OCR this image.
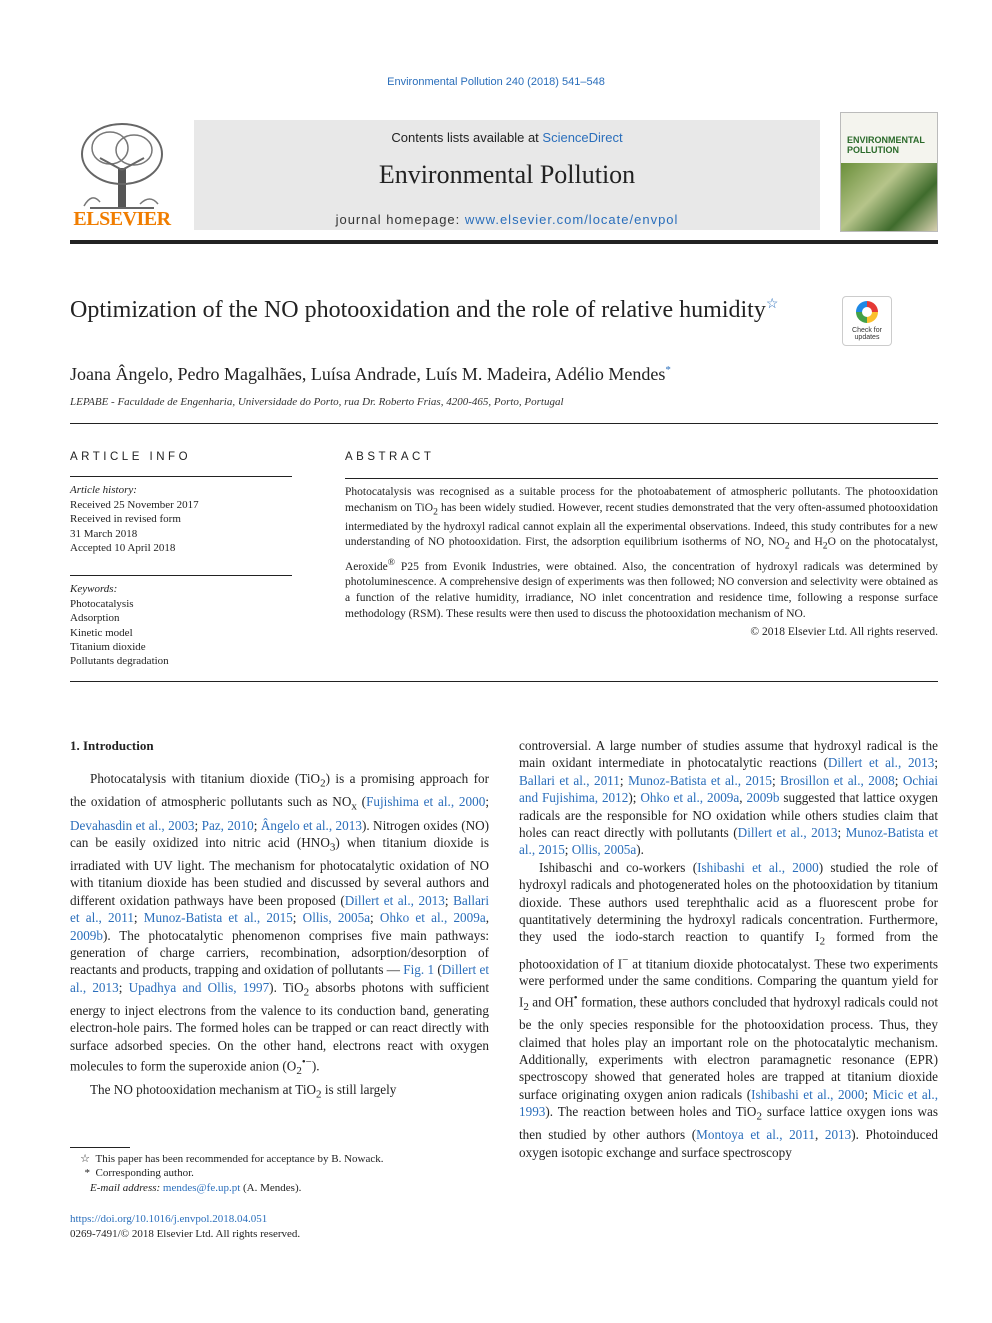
Environmental Pollution 240 (2018) 541–548
ELSEVIER
Contents lists available at ScienceDirect
Environmental Pollution
journal homepage: www.elsevier.com/locate/envpol
ENVIRONMENTAL POLLUTION
Optimization of the NO photooxidation and the role of relative humidity☆
Check for updates
Joana Ângelo, Pedro Magalhães, Luísa Andrade, Luís M. Madeira, Adélio Mendes*
LEPABE - Faculdade de Engenharia, Universidade do Porto, rua Dr. Roberto Frias, 4200-465, Porto, Portugal
ARTICLE INFO
Article history:
Received 25 November 2017
Received in revised form
31 March 2018
Accepted 10 April 2018
Keywords:
Photocatalysis
Adsorption
Kinetic model
Titanium dioxide
Pollutants degradation
ABSTRACT
Photocatalysis was recognised as a suitable process for the photoabatement of atmospheric pollutants. The photooxidation mechanism on TiO$_2$ has been widely studied. However, recent studies demonstrated that the very often-assumed photooxidation intermediated by the hydroxyl radical cannot explain all the experimental observations. Indeed, this study contributes for a new understanding of NO photooxidation. First, the adsorption equilibrium isotherms of NO, $NO_2$ and $H_2O$ on the photocatalyst, Aeroxide® P25 from Evonik Industries, were obtained. Also, the concentration of hydroxyl radicals was determined by photoluminescence. A comprehensive design of experiments was then followed; NO conversion and selectivity were obtained as a function of the relative humidity, irradiance, NO inlet concentration and residence time, following a response surface methodology (RSM). These results were then used to discuss the photooxidation mechanism of NO.
© 2018 Elsevier Ltd. All rights reserved.
1. Introduction

Photocatalysis with titanium dioxide (TiO$_2$) is a promising approach for the oxidation of atmospheric pollutants such as $NO_x$ (Fujishima et al., 2000; Devahasdin et al., 2003; Paz, 2010; Ângelo et al., 2013). Nitrogen oxides (NO) can be easily oxidized into nitric acid $(HNO_3)$ when titanium dioxide is irradiated with UV light. The mechanism for photocatalytic oxidation of NO with titanium dioxide has been studied and discussed by several authors and different oxidation pathways have been proposed (Dillert et al., 2013; Ballari et al., 2011; Munoz-Batista et al., 2015; Ollis, 2005a; Ohko et al., 2009a, 2009b). The photocatalytic phenomenon comprises five main pathways: generation of charge carriers, recombination, adsorption/desorption of reactants and products, trapping and oxidation of pollutants — Fig. 1 (Dillert et al., 2013; Upadhya and Ollis, 1997). TiO$_2$ absorbs photons with sufficient energy to inject electrons from the valence to its conduction band, generating electron-hole pairs. The formed holes can be trapped or can react directly with surface adsorbed species. On the other hand, electrons react with oxygen molecules to form the superoxide anion $(O_2^{•-})$.

The NO photooxidation mechanism at TiO$_2$ is still largely

controversial. A large number of studies assume that hydroxyl radical is the main oxidant intermediate in photocatalytic reactions (Dillert et al., 2013; Ballari et al., 2011; Munoz-Batista et al., 2015; Brosillon et al., 2008; Ochiai and Fujishima, 2012); Ohko et al., 2009a, 2009b suggested that lattice oxygen radicals are the responsible for NO oxidation while others studies claim that holes can react directly with pollutants (Dillert et al., 2013; Munoz-Batista et al., 2015; Ollis, 2005a).

Ishibaschi and co-workers (Ishibashi et al., 2000) studied the role of hydroxyl radicals and photogenerated holes on the photooxidation by titanium dioxide. These authors used terephthalic acid as a fluorescent probe for quantitatively determining the hydroxyl radicals concentration. Furthermore, they used the iodo-starch reaction to quantify $I_2$ formed from the photooxidation of I− at titanium dioxide photocatalyst. These two experiments were performed under the same conditions. Comparing the quantum yield for $I_2$ and OH• formation, these authors concluded that hydroxyl radicals could not be the only species responsible for the photooxidation process. Thus, they claimed that holes play an important role on the photocatalytic mechanism. Additionally, experiments with electron paramagnetic resonance (EPR) spectroscopy showed that generated holes are trapped at titanium dioxide surface originating oxygen anion radicals (Ishibashi et al., 2000; Micic et al., 1993). The reaction between holes and TiO$_2$ surface lattice oxygen ions was then studied by other authors (Montoya et al., 2011, 2013). Photoinduced oxygen isotopic exchange and surface spectroscopy

☆ This paper has been recommended for acceptance by B. Nowack.
* Corresponding author.
E-mail address: mendes@fe.up.pt (A. Mendes).
https://doi.org/10.1016/j.envpol.2018.04.051
0269-7491/© 2018 Elsevier Ltd. All rights reserved.
